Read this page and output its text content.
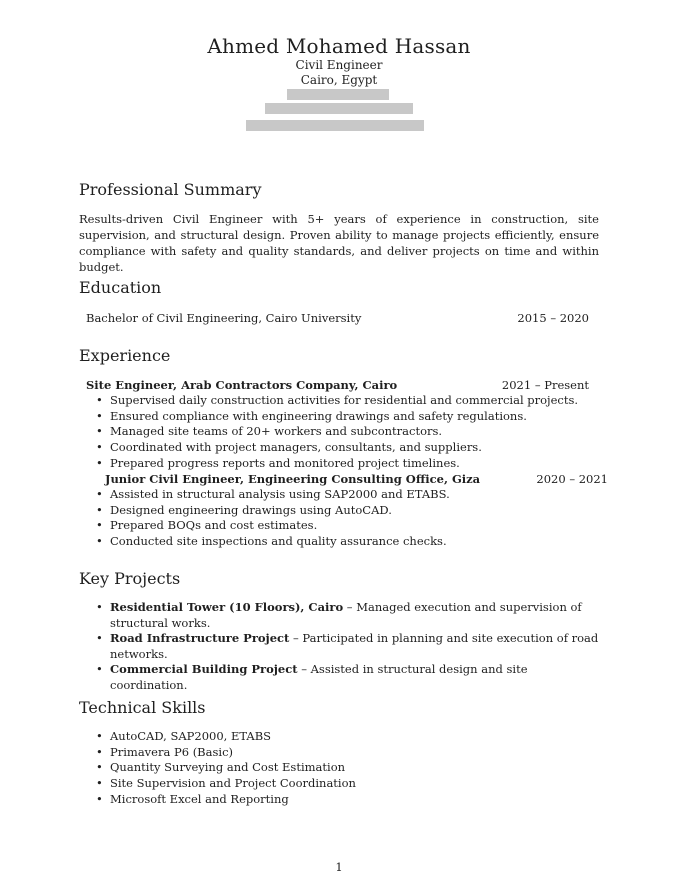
Ahmed Mohamed Hassan
Civil Engineer
Cairo, Egypt
Professional Summary
Results-driven Civil Engineer with 5+ years of experience in construction, site supervision, and structural design. Proven ability to manage projects efficiently, ensure compliance with safety and quality standards, and deliver projects on time and within budget.
Education
Bachelor of Civil Engineering, Cairo University	2015 – 2020
Experience
Site Engineer, Arab Contractors Company, Cairo	2021 – Present
• Supervised daily construction activities for residential and commercial projects.
• Ensured compliance with engineering drawings and safety regulations.
• Managed site teams of 20+ workers and subcontractors.
• Coordinated with project managers, consultants, and suppliers.
• Prepared progress reports and monitored project timelines.
Junior Civil Engineer, Engineering Consulting Office, Giza	2020 – 2021
• Assisted in structural analysis using SAP2000 and ETABS.
• Designed engineering drawings using AutoCAD.
• Prepared BOQs and cost estimates.
• Conducted site inspections and quality assurance checks.
Key Projects
• Residential Tower (10 Floors), Cairo – Managed execution and supervision of structural works.
• Road Infrastructure Project – Participated in planning and site execution of road networks.
• Commercial Building Project – Assisted in structural design and site coordination.
Technical Skills
• AutoCAD, SAP2000, ETABS
• Primavera P6 (Basic)
• Quantity Surveying and Cost Estimation
• Site Supervision and Project Coordination
• Microsoft Excel and Reporting
1
